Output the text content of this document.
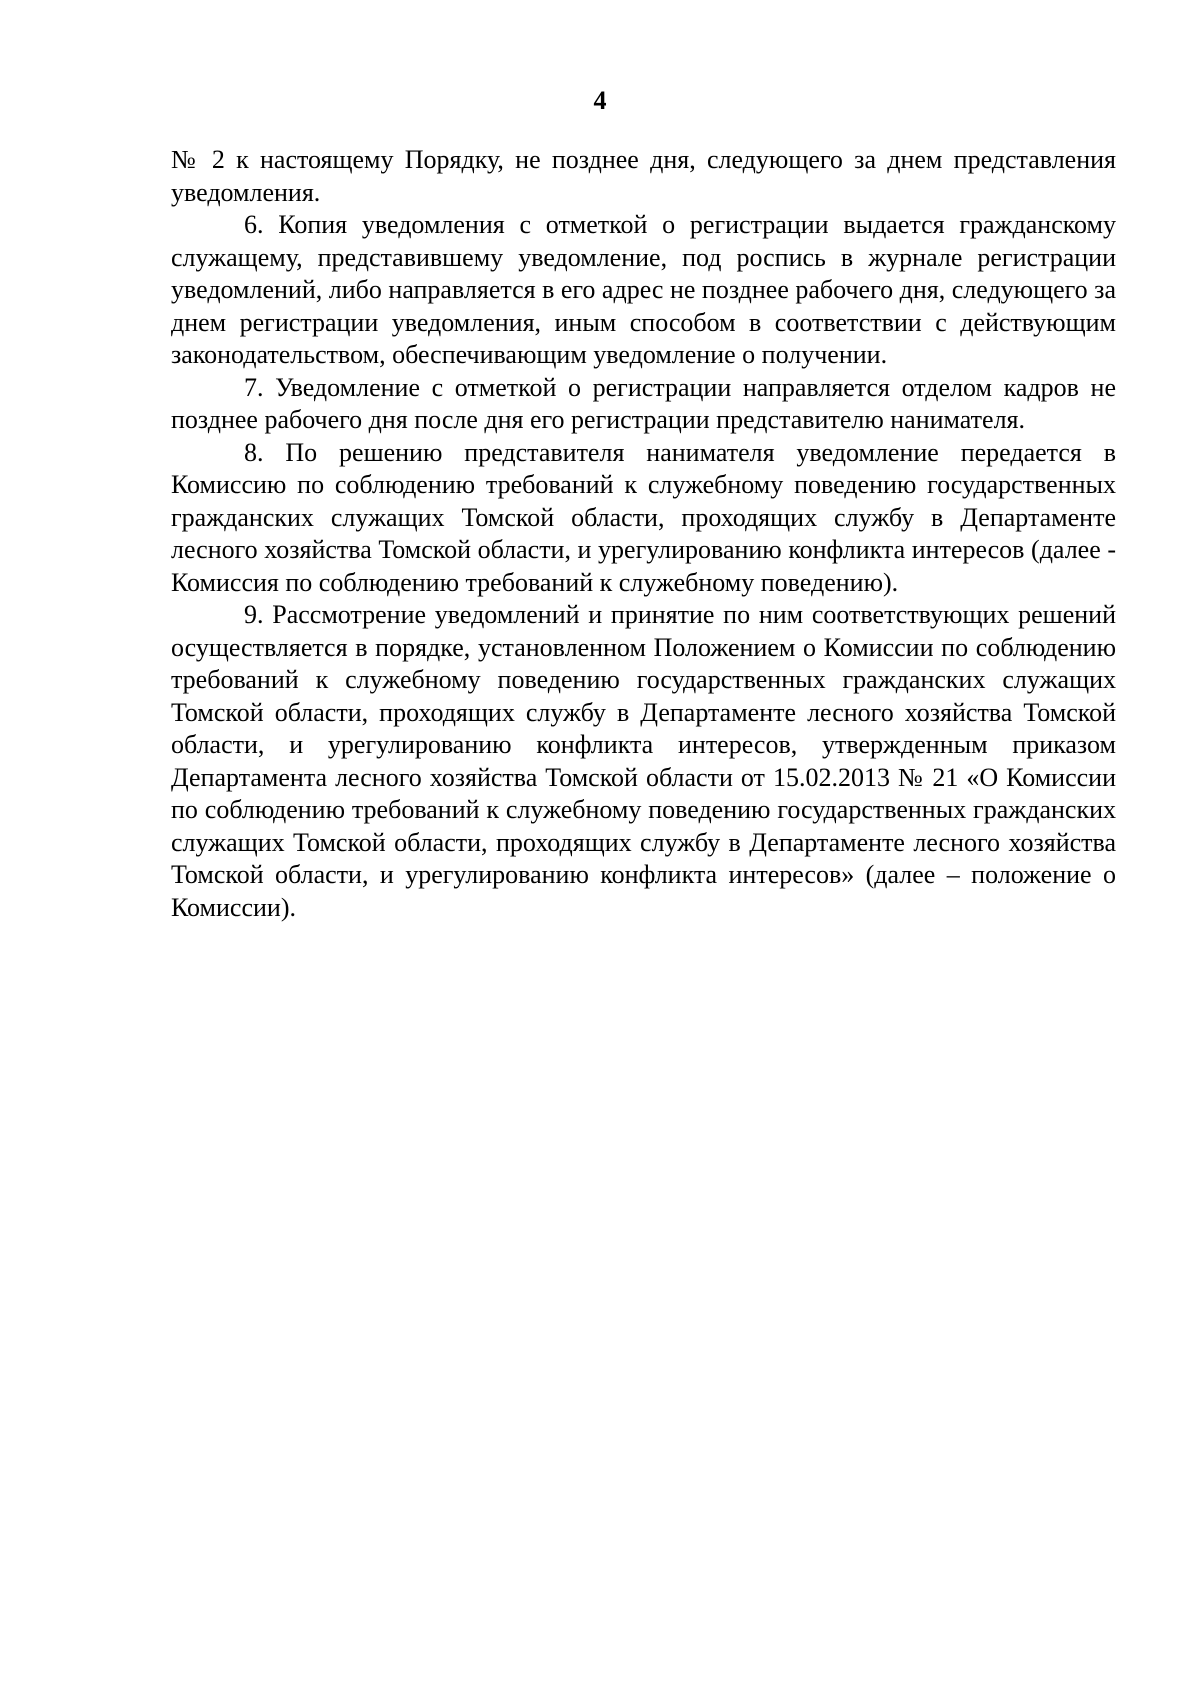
4

№ 2 к настоящему Порядку, не позднее дня, следующего за днем представления уведомления.

6. Копия уведомления с отметкой о регистрации выдается гражданскому служащему, представившему уведомление, под роспись в журнале регистрации уведомлений, либо направляется в его адрес не позднее рабочего дня, следующего за днем регистрации уведомления, иным способом в соответствии с действующим законодательством, обеспечивающим уведомление о получении.

7. Уведомление с отметкой о регистрации направляется отделом кадров не позднее рабочего дня после дня его регистрации представителю нанимателя.

8. По решению представителя нанимателя уведомление передается в Комиссию по соблюдению требований к служебному поведению государственных гражданских служащих Томской области, проходящих службу в Департаменте лесного хозяйства Томской области, и урегулированию конфликта интересов (далее - Комиссия по соблюдению требований к служебному поведению).

9. Рассмотрение уведомлений и принятие по ним соответствующих решений осуществляется в порядке, установленном Положением о Комиссии по соблюдению требований к служебному поведению государственных гражданских служащих Томской области, проходящих службу в Департаменте лесного хозяйства Томской области, и урегулированию конфликта интересов, утвержденным приказом Департамента лесного хозяйства Томской области от 15.02.2013 № 21 «О Комиссии по соблюдению требований к служебному поведению государственных гражданских служащих Томской области, проходящих службу в Департаменте лесного хозяйства Томской области, и урегулированию конфликта интересов» (далее – положение о Комиссии).
